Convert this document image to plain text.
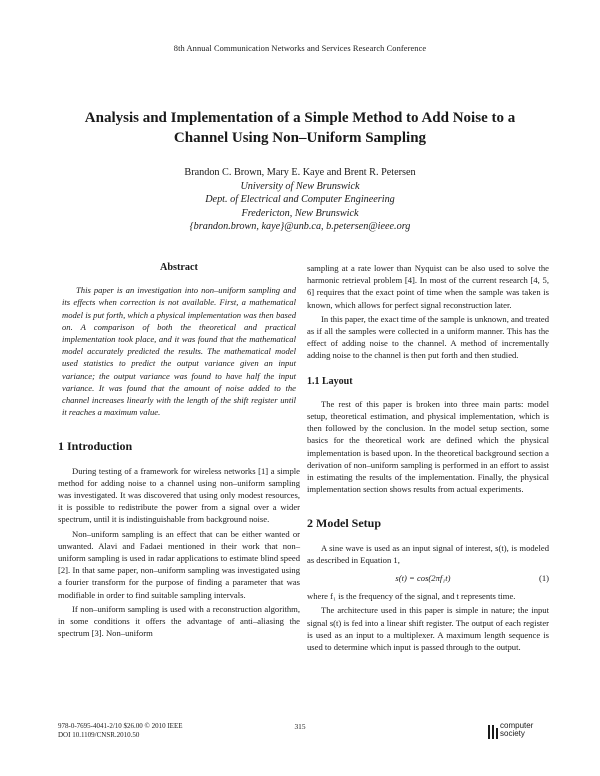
8th Annual Communication Networks and Services Research Conference
Analysis and Implementation of a Simple Method to Add Noise to a
Channel Using Non–Uniform Sampling
Brandon C. Brown, Mary E. Kaye and Brent R. Petersen
University of New Brunswick
Dept. of Electrical and Computer Engineering
Fredericton, New Brunswick
{brandon.brown, kaye}@unb.ca, b.petersen@ieee.org
Abstract

This paper is an investigation into non–uniform sampling and its effects when correction is not available. First, a mathematical model is put forth, which a physical implementation was then based on. A comparison of both the theoretical and practical implementation took place, and it was found that the mathematical model accurately predicted the results. The mathematical model used statistics to predict the output variance given an input variance; the output variance was found to have half the input variance. It was found that the amount of noise added to the channel increases linearly with the length of the shift register until it reaches a maximum value.

1 Introduction

During testing of a framework for wireless networks [1] a simple method for adding noise to a channel using non–uniform sampling was investigated. It was discovered that using only modest resources, it is possible to redistribute the power from a signal over a wider spectrum, until it is indistinguishable from background noise.

Non–uniform sampling is an effect that can be either wanted or unwanted. Alavi and Fadaei mentioned in their work that non–uniform sampling is used in radar applications to estimate blind speed [2]. In that same paper, non–uniform sampling was investigated using a fourier transform for the purpose of finding a parameter that was modifiable in order to find suitable sampling intervals.

If non–uniform sampling is used with a reconstruction algorithm, in some conditions it offers the advantage of anti–aliasing the spectrum [3]. Non–uniform

sampling at a rate lower than Nyquist can be also used to solve the harmonic retrieval problem [4]. In most of the current research [4, 5, 6] requires that the exact point of time when the sample was taken is known, which allows for perfect signal reconstruction later.

In this paper, the exact time of the sample is unknown, and treated as if all the samples were collected in a uniform manner. This has the effect of adding noise to the channel. A method of incrementally adding noise to the channel is then put forth and then studied.

1.1 Layout

The rest of this paper is broken into three main parts: model setup, theoretical estimation, and physical implementation, which is then followed by the conclusion. In the model setup section, some basics for the theoretical work are defined which the physical implementation is based upon. In the theoretical background section a derivation of non–uniform sampling is performed in an effort to assist in estimating the results of the implementation. Finally, the physical implementation section shows results from actual experiments.

2 Model Setup

A sine wave is used as an input signal of interest, s(t), is modeled as described in Equation 1,

s(t) = cos(2πf₁t)	(1)

where f₁ is the frequency of the signal, and t represents time.

The architecture used in this paper is simple in nature; the input signal s(t) is fed into a linear shift register. The output of each register is used as an input to a multiplexer. A maximum length sequence is used to determine which input is passed through to the output.

978-0-7695-4041-2/10 $26.00 © 2010 IEEE
DOI 10.1109/CNSR.2010.50
315	computer
society
